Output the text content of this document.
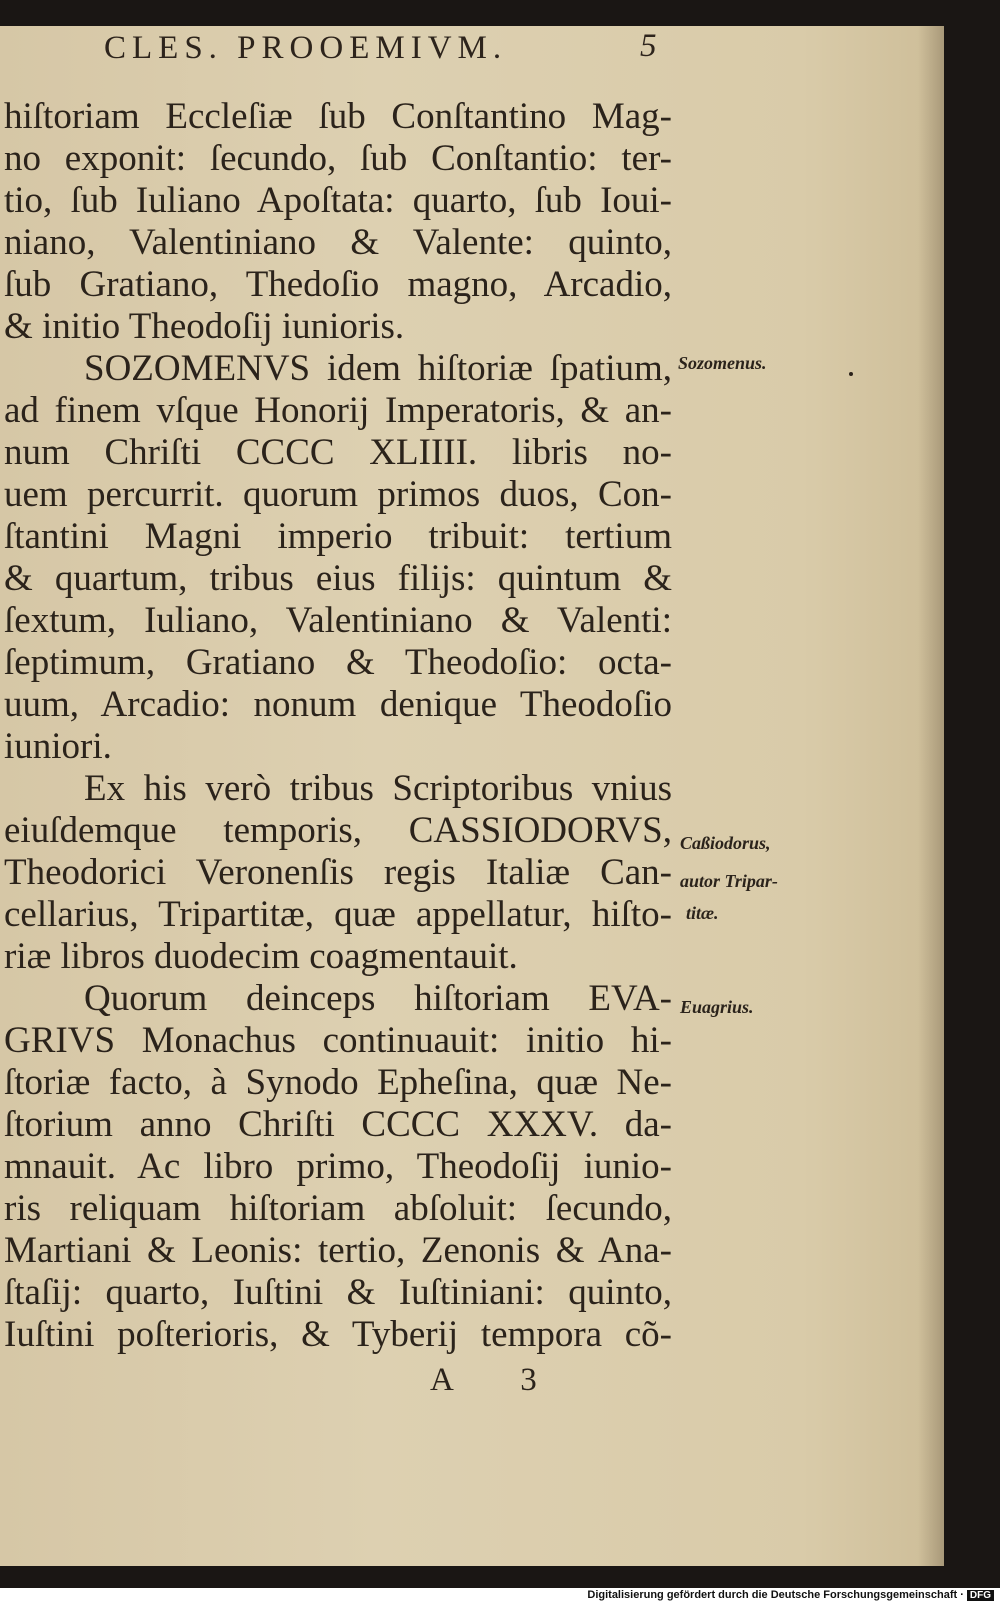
CLES. PROOEMIVM.	5
hiſtoriam Eccleſiæ ſub Conſtantino Mag-
no exponit: ſecundo, ſub Conſtantio: ter-
tio, ſub Iuliano Apoſtata: quarto, ſub Ioui-
niano, Valentiniano & Valente: quinto,
ſub Gratiano, Thedoſio magno, Arcadio,
& initio Theodoſij iunioris.
SOZOMENVS idem hiſtoriæ ſpatium,
ad finem vſque Honorij Imperatoris, & an-
num Chriſti CCCC XLIIII. libris no-
uem percurrit. quorum primos duos, Con-
ſtantini Magni imperio tribuit: tertium
& quartum, tribus eius filijs: quintum &
ſextum, Iuliano, Valentiniano & Valenti:
ſeptimum, Gratiano & Theodoſio: octa-
uum, Arcadio: nonum denique Theodoſio
iuniori.
Ex his verò tribus Scriptoribus vnius
eiuſdemque temporis, CASSIODORVS,
Theodorici Veronenſis regis Italiæ Can-
cellarius, Tripartitæ, quæ appellatur, hiſto-
riæ libros duodecim coagmentauit.
Quorum deinceps hiſtoriam EVA-
GRIVS Monachus continuauit: initio hi-
ſtoriæ facto, à Synodo Epheſina, quæ Ne-
ſtorium anno Chriſti CCCC XXXV. da-
mnauit. Ac libro primo, Theodoſij iunio-
ris reliquam hiſtoriam abſoluit: ſecundo,
Martiani & Leonis: tertio, Zenonis & Ana-
ſtaſij: quarto, Iuſtini & Iuſtiniani: quinto,
Iuſtini poſterioris, & Tyberij tempora cõ-
Sozomenus.
Caßiodorus,
autor Tripar-
titæ.
Euagrius.
A 3
Digitalisierung gefördert durch die Deutsche Forschungsgemeinschaft · DFG
